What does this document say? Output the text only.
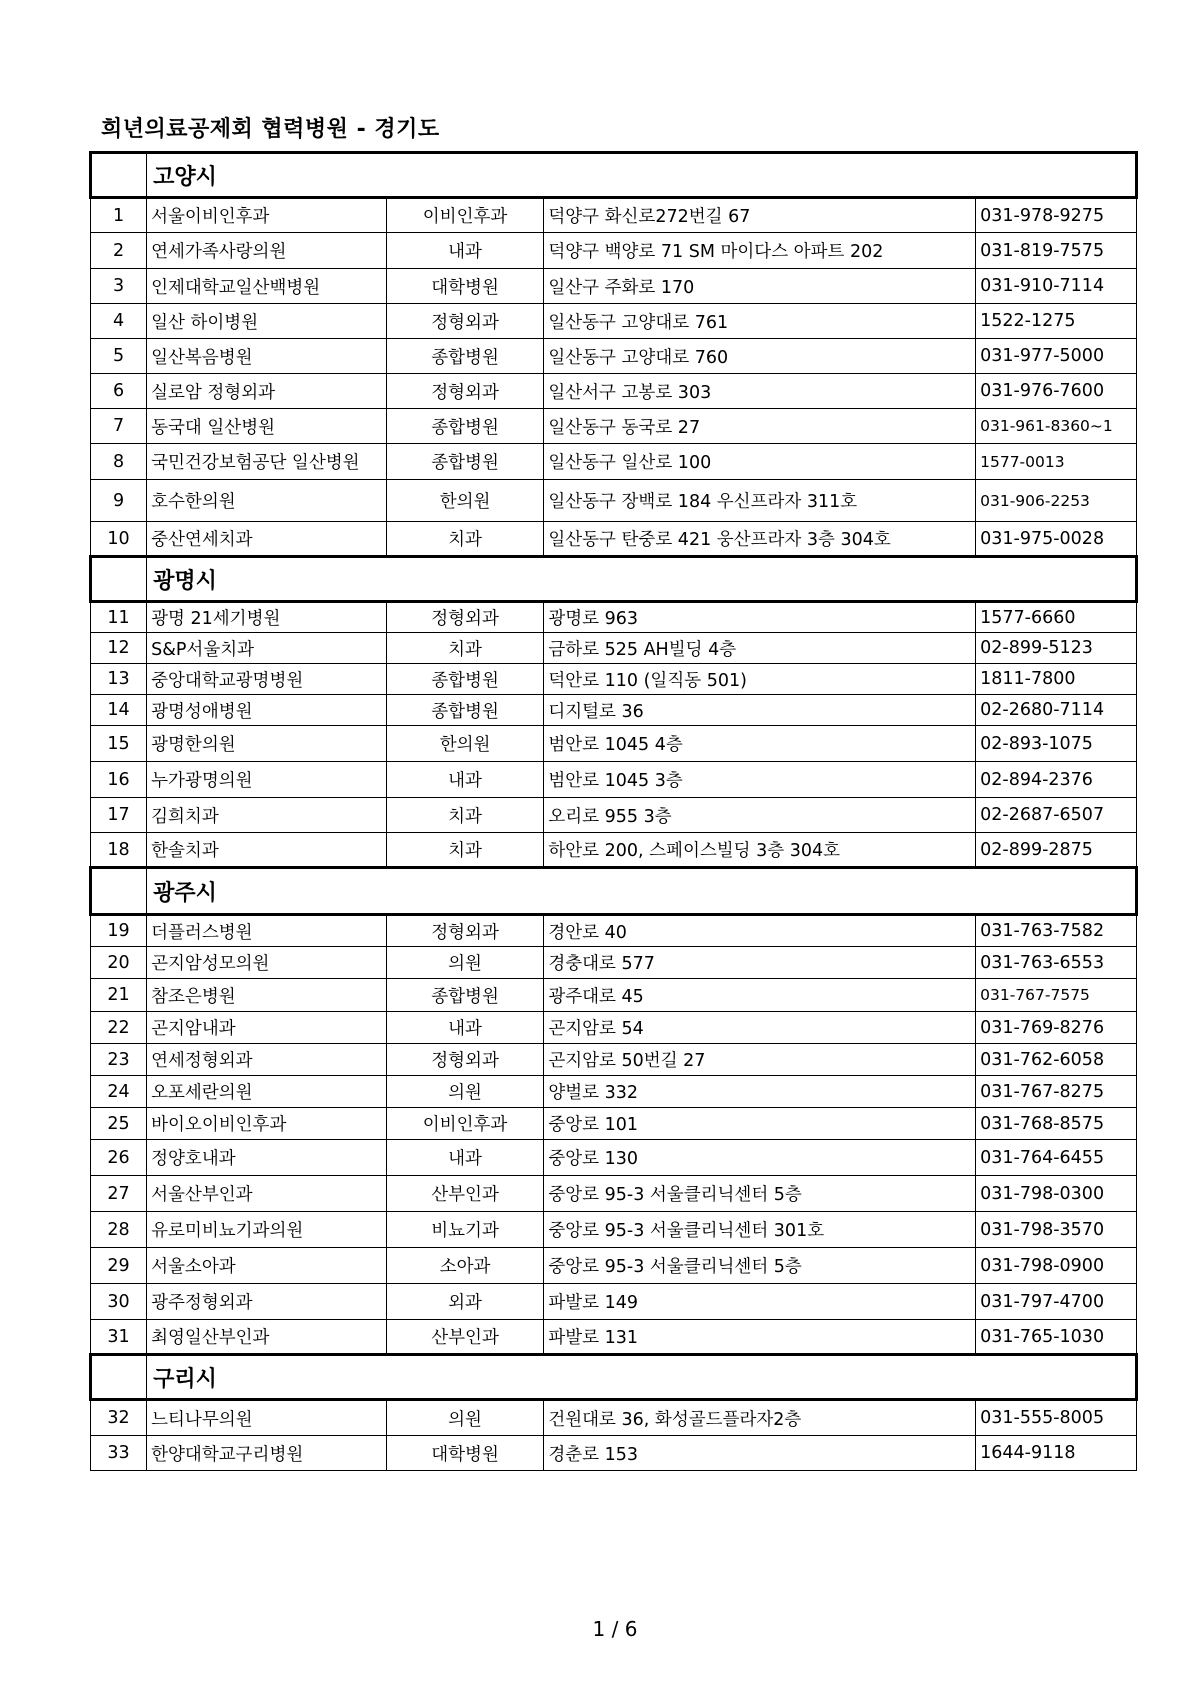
희년의료공제회 협력병원 - 경기도
	고양시			
1	서울이비인후과	이비인후과	덕양구 화신로272번길 67	031-978-9275
2	연세가족사랑의원	내과	덕양구 백양로 71 SM 마이다스 아파트 202	031-819-7575
3	인제대학교일산백병원	대학병원	일산구 주화로 170	031-910-7114
4	일산 하이병원	정형외과	일산동구 고양대로 761	1522-1275
5	일산복음병원	종합병원	일산동구 고양대로 760	031-977-5000
6	실로암 정형외과	정형외과	일산서구 고봉로 303	031-976-7600
7	동국대 일산병원	종합병원	일산동구 동국로 27	031-961-8360~1
8	국민건강보험공단 일산병원	종합병원	일산동구 일산로 100	1577-0013
9	호수한의원	한의원	일산동구 장백로 184 우신프라자 311호	031-906-2253
10	중산연세치과	치과	일산동구 탄중로 421 웅산프라자 3층 304호	031-975-0028
	광명시			
11	광명 21세기병원	정형외과	광명로 963	1577-6660
12	S&P서울치과	치과	금하로 525 AH빌딩 4층	02-899-5123
13	중앙대학교광명병원	종합병원	덕안로 110 (일직동 501)	1811-7800
14	광명성애병원	종합병원	디지털로 36	02-2680-7114
15	광명한의원	한의원	범안로 1045 4층	02-893-1075
16	누가광명의원	내과	범안로 1045 3층	02-894-2376
17	김희치과	치과	오리로 955 3층	02-2687-6507
18	한솔치과	치과	하안로 200, 스페이스빌딩 3층 304호	02-899-2875
	광주시			
19	더플러스병원	정형외과	경안로 40	031-763-7582
20	곤지암성모의원	의원	경충대로 577	031-763-6553
21	참조은병원	종합병원	광주대로 45	031-767-7575
22	곤지암내과	내과	곤지암로 54	031-769-8276
23	연세정형외과	정형외과	곤지암로 50번길 27	031-762-6058
24	오포세란의원	의원	양벌로 332	031-767-8275
25	바이오이비인후과	이비인후과	중앙로 101	031-768-8575
26	정양호내과	내과	중앙로 130	031-764-6455
27	서울산부인과	산부인과	중앙로 95-3 서울클리닉센터 5층	031-798-0300
28	유로미비뇨기과의원	비뇨기과	중앙로 95-3 서울클리닉센터 301호	031-798-3570
29	서울소아과	소아과	중앙로 95-3 서울클리닉센터 5층	031-798-0900
30	광주정형외과	외과	파발로 149	031-797-4700
31	최영일산부인과	산부인과	파발로 131	031-765-1030
	구리시			
32	느티나무의원	의원	건원대로 36, 화성골드플라자2층	031-555-8005
33	한양대학교구리병원	대학병원	경춘로 153	1644-9118
1 / 6
